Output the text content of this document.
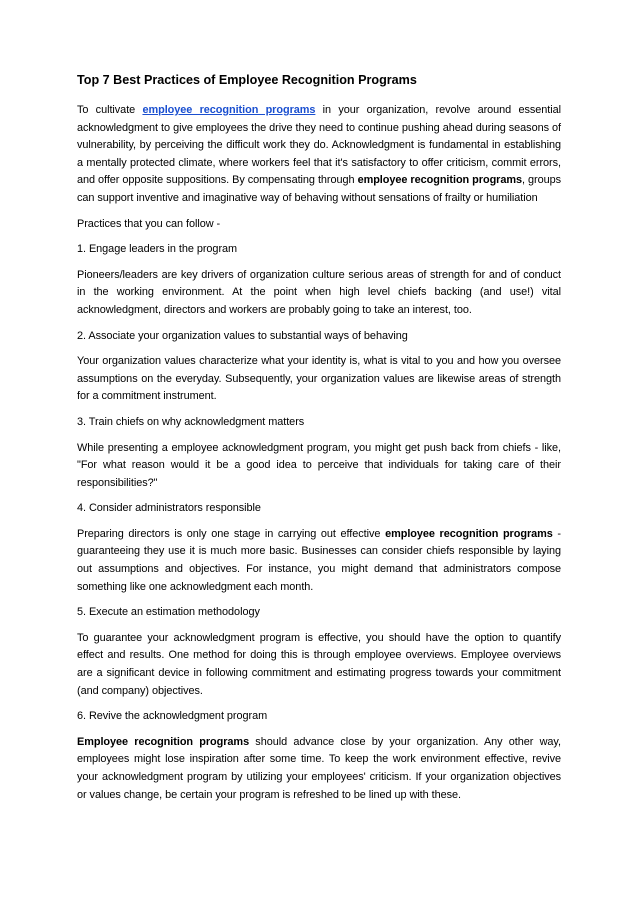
Top 7 Best Practices of Employee Recognition Programs

To cultivate employee recognition programs in your organization, revolve around essential acknowledgment to give employees the drive they need to continue pushing ahead during seasons of vulnerability, by perceiving the difficult work they do. Acknowledgment is fundamental in establishing a mentally protected climate, where workers feel that it's satisfactory to offer criticism, commit errors, and offer opposite suppositions. By compensating through employee recognition programs, groups can support inventive and imaginative way of behaving without sensations of frailty or humiliation

Practices that you can follow -

1. Engage leaders in the program

Pioneers/leaders are key drivers of organization culture serious areas of strength for and of conduct in the working environment. At the point when high level chiefs backing (and use!) vital acknowledgment, directors and workers are probably going to take an interest, too.

2. Associate your organization values to substantial ways of behaving

Your organization values characterize what your identity is, what is vital to you and how you oversee assumptions on the everyday. Subsequently, your organization values are likewise areas of strength for a commitment instrument.

3. Train chiefs on why acknowledgment matters

While presenting a employee acknowledgment program, you might get push back from chiefs - like, "For what reason would it be a good idea to perceive that individuals for taking care of their responsibilities?"

4. Consider administrators responsible

Preparing directors is only one stage in carrying out effective employee recognition programs - guaranteeing they use it is much more basic. Businesses can consider chiefs responsible by laying out assumptions and objectives. For instance, you might demand that administrators compose something like one acknowledgment each month.

5. Execute an estimation methodology

To guarantee your acknowledgment program is effective, you should have the option to quantify effect and results. One method for doing this is through employee overviews. Employee overviews are a significant device in following commitment and estimating progress towards your commitment (and company) objectives.

6. Revive the acknowledgment program

Employee recognition programs should advance close by your organization. Any other way, employees might lose inspiration after some time. To keep the work environment effective, revive your acknowledgment program by utilizing your employees' criticism. If your organization objectives or values change, be certain your program is refreshed to be lined up with these.
